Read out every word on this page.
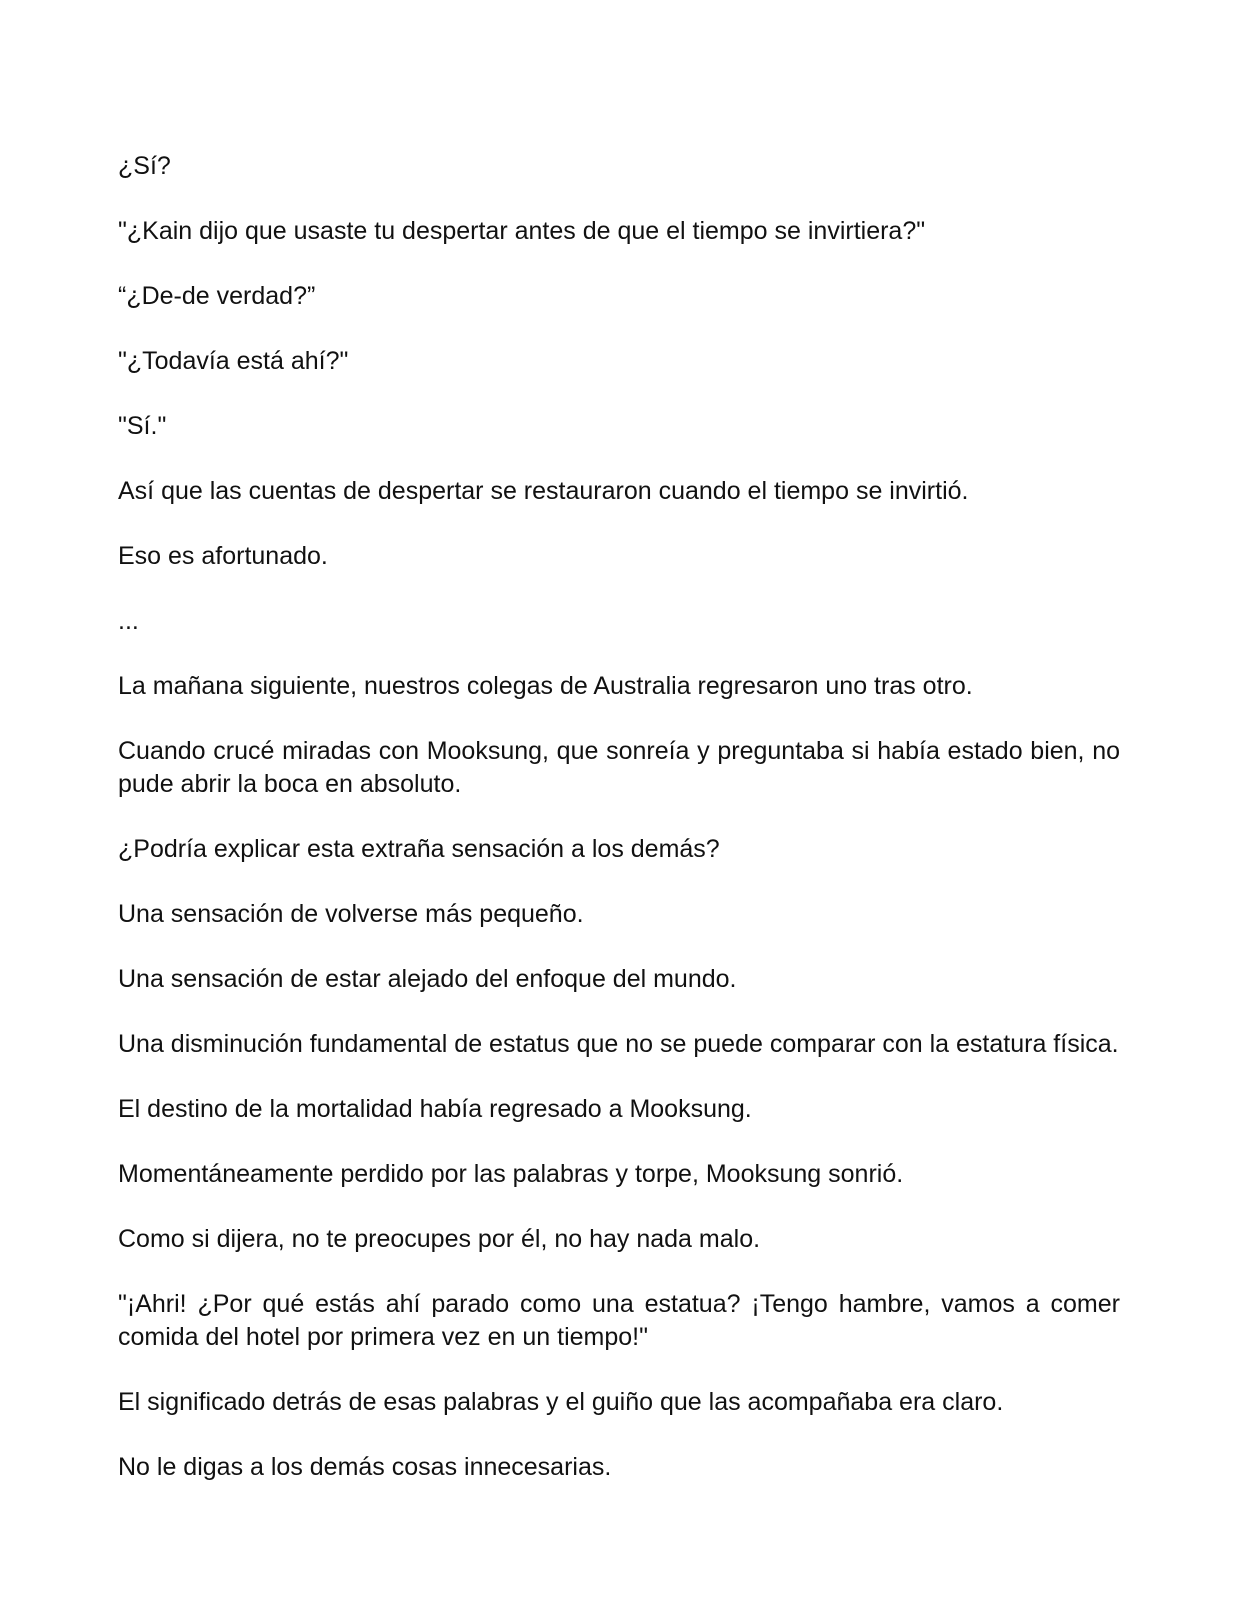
¿Sí?

"¿Kain dijo que usaste tu despertar antes de que el tiempo se invirtiera?"

“¿De-de verdad?”

"¿Todavía está ahí?"

"Sí."

Así que las cuentas de despertar se restauraron cuando el tiempo se invirtió.

Eso es afortunado.

...

La mañana siguiente, nuestros colegas de Australia regresaron uno tras otro.

Cuando crucé miradas con Mooksung, que sonreía y preguntaba si había estado bien, no pude abrir la boca en absoluto.

¿Podría explicar esta extraña sensación a los demás?

Una sensación de volverse más pequeño.

Una sensación de estar alejado del enfoque del mundo.

Una disminución fundamental de estatus que no se puede comparar con la estatura física.

El destino de la mortalidad había regresado a Mooksung.

Momentáneamente perdido por las palabras y torpe, Mooksung sonrió.

Como si dijera, no te preocupes por él, no hay nada malo.

"¡Ahri! ¿Por qué estás ahí parado como una estatua? ¡Tengo hambre, vamos a comer comida del hotel por primera vez en un tiempo!"

El significado detrás de esas palabras y el guiño que las acompañaba era claro.

No le digas a los demás cosas innecesarias.
